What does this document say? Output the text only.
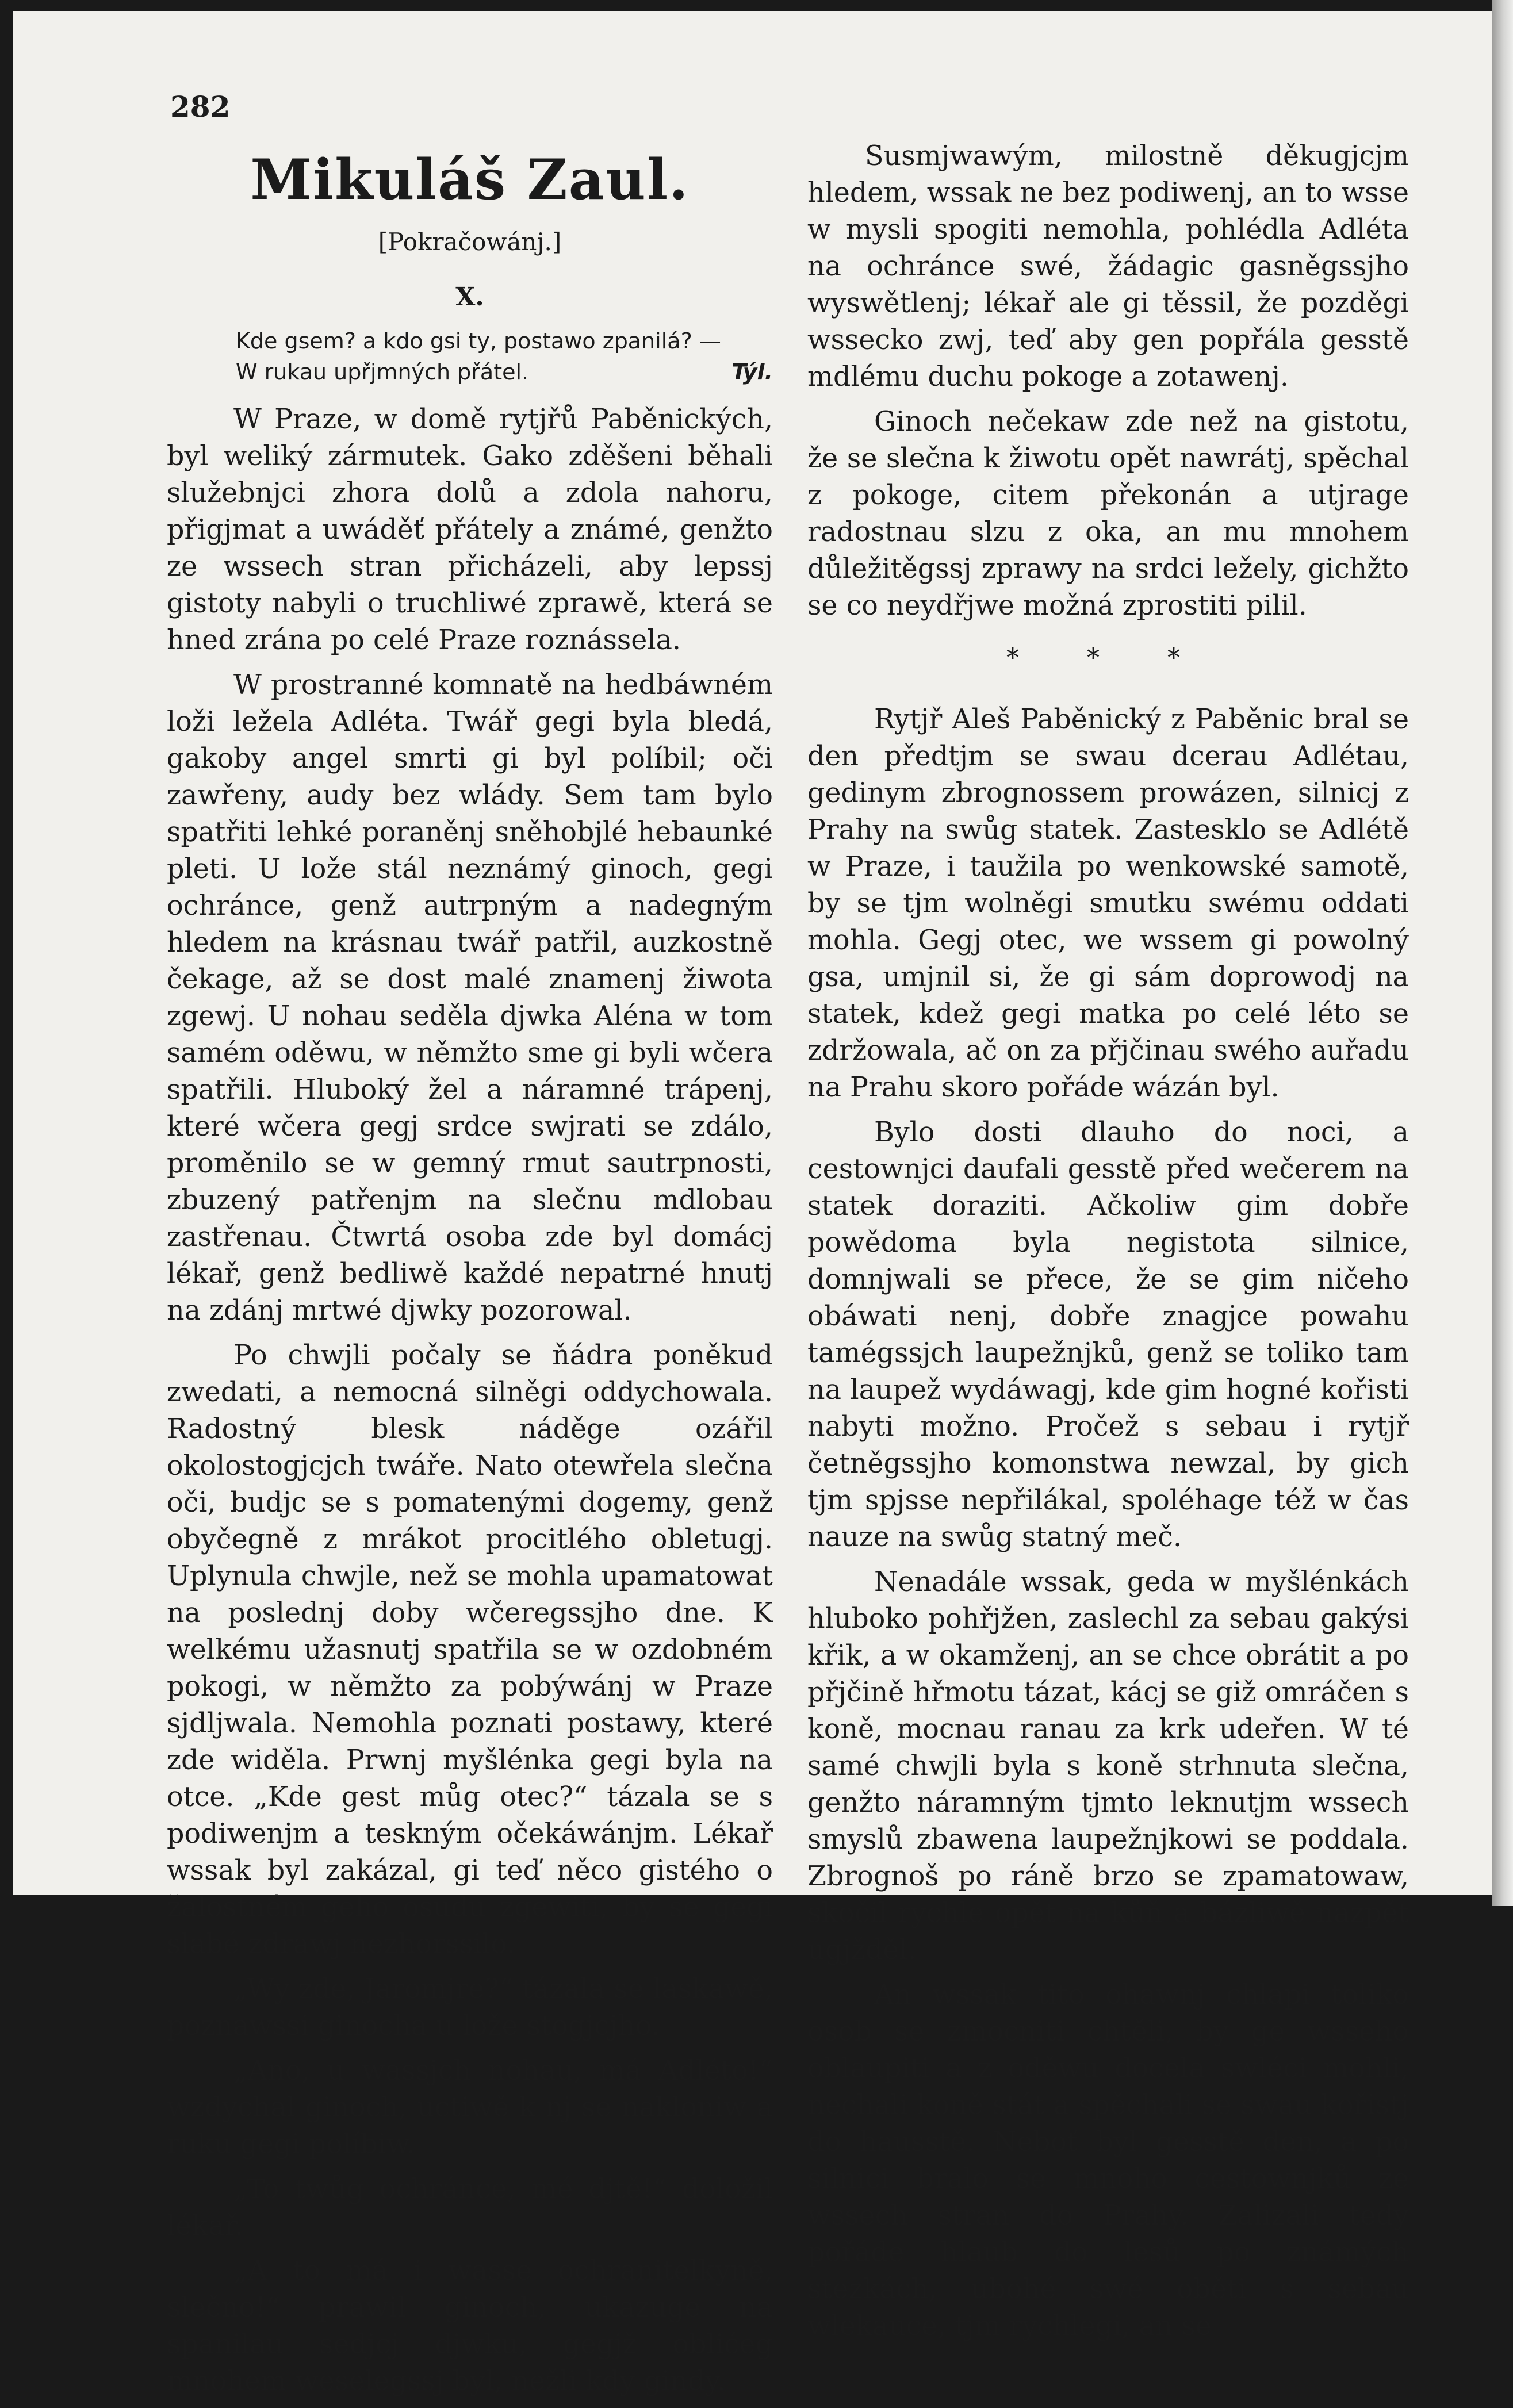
282
Mikuláš Zaul.
[Pokračowánj.]
X.
Kde gsem? a kdo gsi ty, postawo zpanilá? —
W rukau upřjmných přátel.	Týl.

W Praze, w domě rytjřů Paběnických, byl weliký zármutek. Gako zděšeni běhali služebnjci zhora dolů a zdola nahoru, přigjmat a uwáděť přátely a známé, genžto ze wssech stran přicházeli, aby lepssj gistoty nabyli o truchliwé zprawě, která se hned zrána po celé Praze roznássela.

W prostranné komnatě na hedbáwném loži ležela Adléta. Twář gegi byla bledá, gakoby angel smrti gi byl políbil; oči zawřeny, audy bez wlády. Sem tam bylo spatřiti lehké poraněnj sněhobjlé hebaunké pleti. U lože stál neznámý ginoch, gegi ochránce, genž autrpným a nadegným hledem na krásnau twář patřil, auzkostně čekage, až se dost malé znamenj žiwota zgewj. U nohau seděla djwka Aléna w tom samém oděwu, w němžto sme gi byli wčera spatřili. Hluboký žel a náramné trápenj, které wčera gegj srdce swjrati se zdálo, proměnilo se w gemný rmut sautrpnosti, zbuzený patřenjm na slečnu mdlobau zastřenau. Čtwrtá osoba zde byl domácj lékař, genž bedliwě každé nepatrné hnutj na zdánj mrtwé djwky pozorowal.

Po chwjli počaly se ňádra poněkud zwedati, a nemocná silněgi oddychowala. Radostný blesk náděge ozářil okolostogjcjch twáře. Nato otewřela slečna oči, budjc se s pomatenými dogemy, genž obyčegně z mrákot procitlého obletugj. Uplynula chwjle, než se mohla upamatowat na poslednj doby wčeregssjho dne. K welkému užasnutj spatřila se w ozdobném pokogi, w němžto za pobýwánj w Praze sjdljwala. Nemohla poznati postawy, které zde widěla. Prwnj myšlénka gegi byla na otce. „Kde gest můg otec?“ tázala se s podiwenjm a teskným očekáwánjm. Lékař wssak byl zakázal, gi teď něco gistého o žalostném geho osudu zgewiti, by se gegi slabé zdrawj nezhorssilo.

„Wy zde, Jaromjre?“ tázala se laskawě, poznawssi ginocha u lože stogjcjho.

„Ano, u wassjch nohau, má Adléto!“ wzdychal ginoch, uctiwě k nj se naklоniw a ruku gegi políbiw.

„To twůg ochránce, mé djtě!“ doložil lékař.

„A to má i wasse ochranitelkyně, slečno!“ prawil ginoch, ukazuge na spanilau sedjcj djwku, gegjž oblićeg mnohem weselegssj byl, nežli kdy gindy.

Susmjwawým, milostně děkugjcjm hledem, wssak ne bez podiwenj, an to wsse w mysli spogiti nemohla, pohlédla Adléta na ochránce swé, žádagic gasněgssjho wyswětlenj; lékař ale gi těssil, že pozděgi wssecko zwj, teď aby gen popřála gesstě mdlému duchu pokoge a zotawenj.

Ginoch nečekaw zde než na gistotu, že se slečna k žiwotu opět nawrátj, spěchal z pokoge, citem překonán a utjrage radostnau slzu z oka, an mu mnohem důležitěgssj zprawy na srdci ležely, gichžto se co neydřjwe možná zprostiti pilil.

* * *

Rytjř Aleš Paběnický z Paběnic bral se den předtjm se swau dcerau Adlétau, gedinym zbrognossem prowázen, silnicj z Prahy na swůg statek. Zastesklo se Adlétě w Praze, i taužila po wenkowské samotě, by se tjm wolněgi smutku swému oddati mohla. Gegj otec, we wssem gi powolný gsa, umjnil si, že gi sám doprowodj na statek, kdež gegi matka po celé léto se zdržowala, ač on za přjčinau swého auřadu na Prahu skoro pořáde wázán byl.

Bylo dosti dlauho do noci, a cestownjci daufali gesstě před wečerem na statek doraziti. Ačkoliw gim dobře powědoma byla negistota silnice, domnjwali se přece, že se gim ničeho obáwati nenj, dobře znagjce powahu tamégssjch laupežnjků, genž se toliko tam na laupež wydáwagj, kde gim hogné kořisti nabyti možno. Pročež s sebau i rytjř četněgssjho komonstwa newzal, by gich tjm spjsse nepřilákal, spoléhage též w čas nauze na swůg statný meč.

Nenadále wssak, geda w myšlénkách hluboko pohřjžen, zaslechl za sebau gakýsi křik, a w okamženj, an se chce obrátit a po přjčině hřmotu tázat, kácj se giž omráčen s koně, mocnau ranau za krk udeřen. W té samé chwjli byla s koně strhnuta slečna, genžto náramným tjmto leknutjm wssech smyslů zbawena laupežnjkowi se poddala. Zbrognoš po ráně brzo se zpamatowaw, skočil rychle opět na kůň a bázliwě nazpět ugjžděl.

An wssak tito ohawnj chlapi toliko osob se zmocniti chtěli, by ge wsseho oblaupiti a z oděwu docela swléci mohli, nechali koně stát a spěchali se swau kořistj do hausstě. Neboť byl gesstě den, a po silnici bralo se mnoho cestownjků ze wssech stran do Prahy. Zalizali tedy pořáde hlaub do lesů po známých stezkách, ubohé swé oběti s sebau wlekauce, tjm rychlegi, an se
